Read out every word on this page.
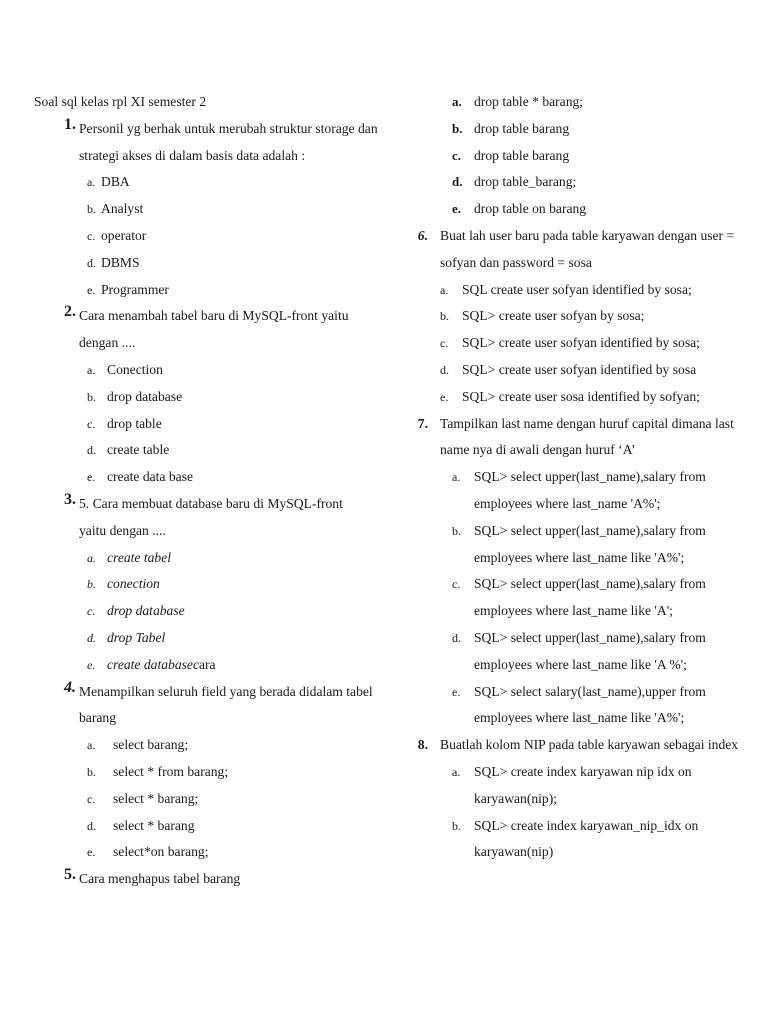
Soal sql kelas rpl XI semester 2
1. Personil yg berhak untuk merubah struktur storage dan strategi akses di dalam basis data adalah :
a. DBA
b. Analyst
c. operator
d. DBMS
e. Programmer
2. Cara menambah tabel baru di MySQL-front yaitu dengan ....
a. Conection
b. drop database
c. drop table
d. create table
e. create data base
3. 5. Cara membuat database baru di MySQL-front yaitu dengan ....
a. create tabel
b. conection
c. drop database
d. drop Tabel
e. create databasecara
4. Menampilkan seluruh field yang berada didalam tabel barang
a. select barang;
b. select * from barang;
c. select * barang;
d. select * barang
e. select*on barang;
5. Cara menghapus tabel barang
a. drop table * barang;
b. drop table barang
c. drop table barang
d. drop table_barang;
e. drop table on barang
6. Buat lah user baru pada table karyawan dengan user = sofyan dan password = sosa
a. SQL create user sofyan identified by sosa;
b. SQL> create user sofyan by sosa;
c. SQL> create user sofyan identified by sosa;
d. SQL> create user sofyan identified by sosa
e. SQL> create user sosa identified by sofyan;
7. Tampilkan last name dengan huruf capital dimana last name nya di awali dengan huruf ‘A’
a. SQL> select upper(last_name),salary from employees where last_name 'A%';
b. SQL> select upper(last_name),salary from employees where last_name like 'A%';
c. SQL> select upper(last_name),salary from employees where last_name like 'A';
d. SQL> select upper(last_name),salary from employees where last_name like 'A %';
e. SQL> select salary(last_name),upper from employees where last_name like 'A%';
8. Buatlah kolom NIP pada table karyawan sebagai index
a. SQL> create index karyawan nip idx on karyawan(nip);
b. SQL> create index karyawan_nip_idx on karyawan(nip)
